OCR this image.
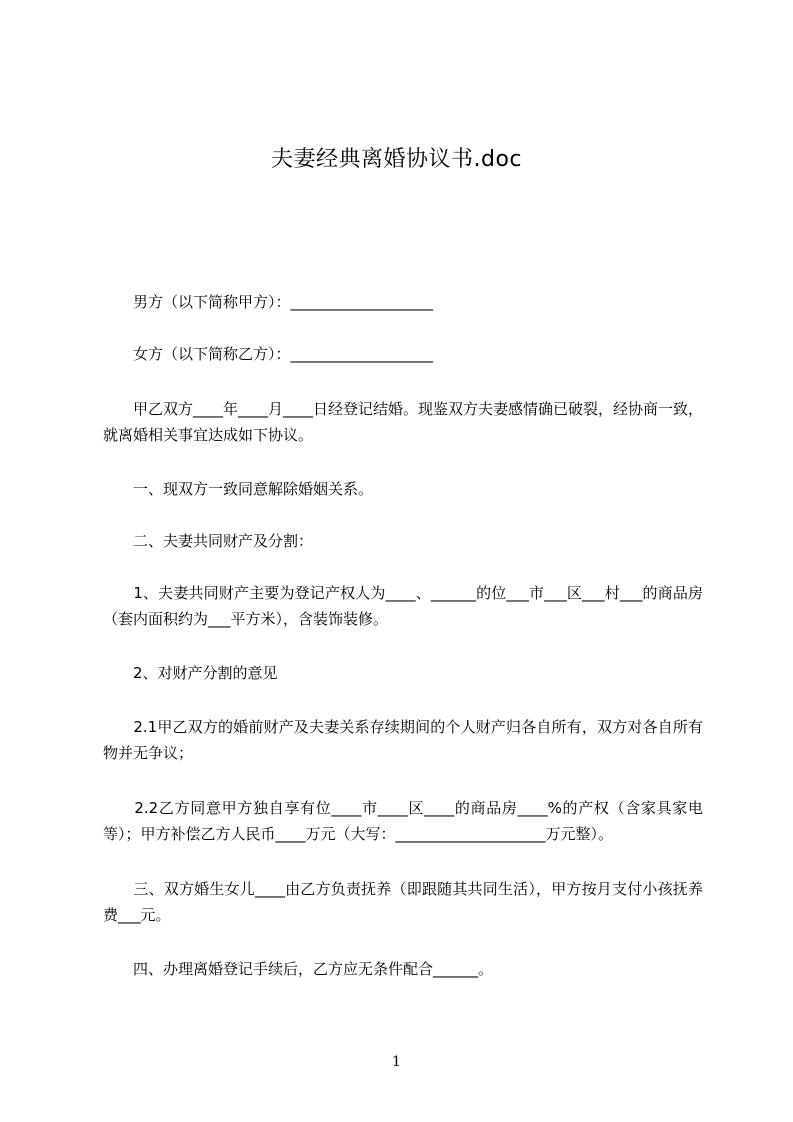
夫妻经典离婚协议书.doc
　　男方（以下简称甲方）：___________________
　　女方（以下简称乙方）：___________________
　　甲乙双方____年____月____日经登记结婚。现鉴双方夫妻感情确已破裂，经协商一致，就离婚相关事宜达成如下协议。
　　一、现双方一致同意解除婚姻关系。
　　二、夫妻共同财产及分割：
　　1、夫妻共同财产主要为登记产权人为____、______的位___市___区___村___的商品房（套内面积约为___平方米），含装饰装修。
　　2、对财产分割的意见
　　2.1甲乙双方的婚前财产及夫妻关系存续期间的个人财产归各自所有，双方对各自所有物并无争议；
　　2.2乙方同意甲方独自享有位____市____区____的商品房____%的产权（含家具家电等）；甲方补偿乙方人民币____万元（大写：____________________万元整）。
　　三、双方婚生女儿____由乙方负责抚养（即跟随其共同生活），甲方按月支付小孩抚养费___元。
　　四、办理离婚登记手续后，乙方应无条件配合______。
1
